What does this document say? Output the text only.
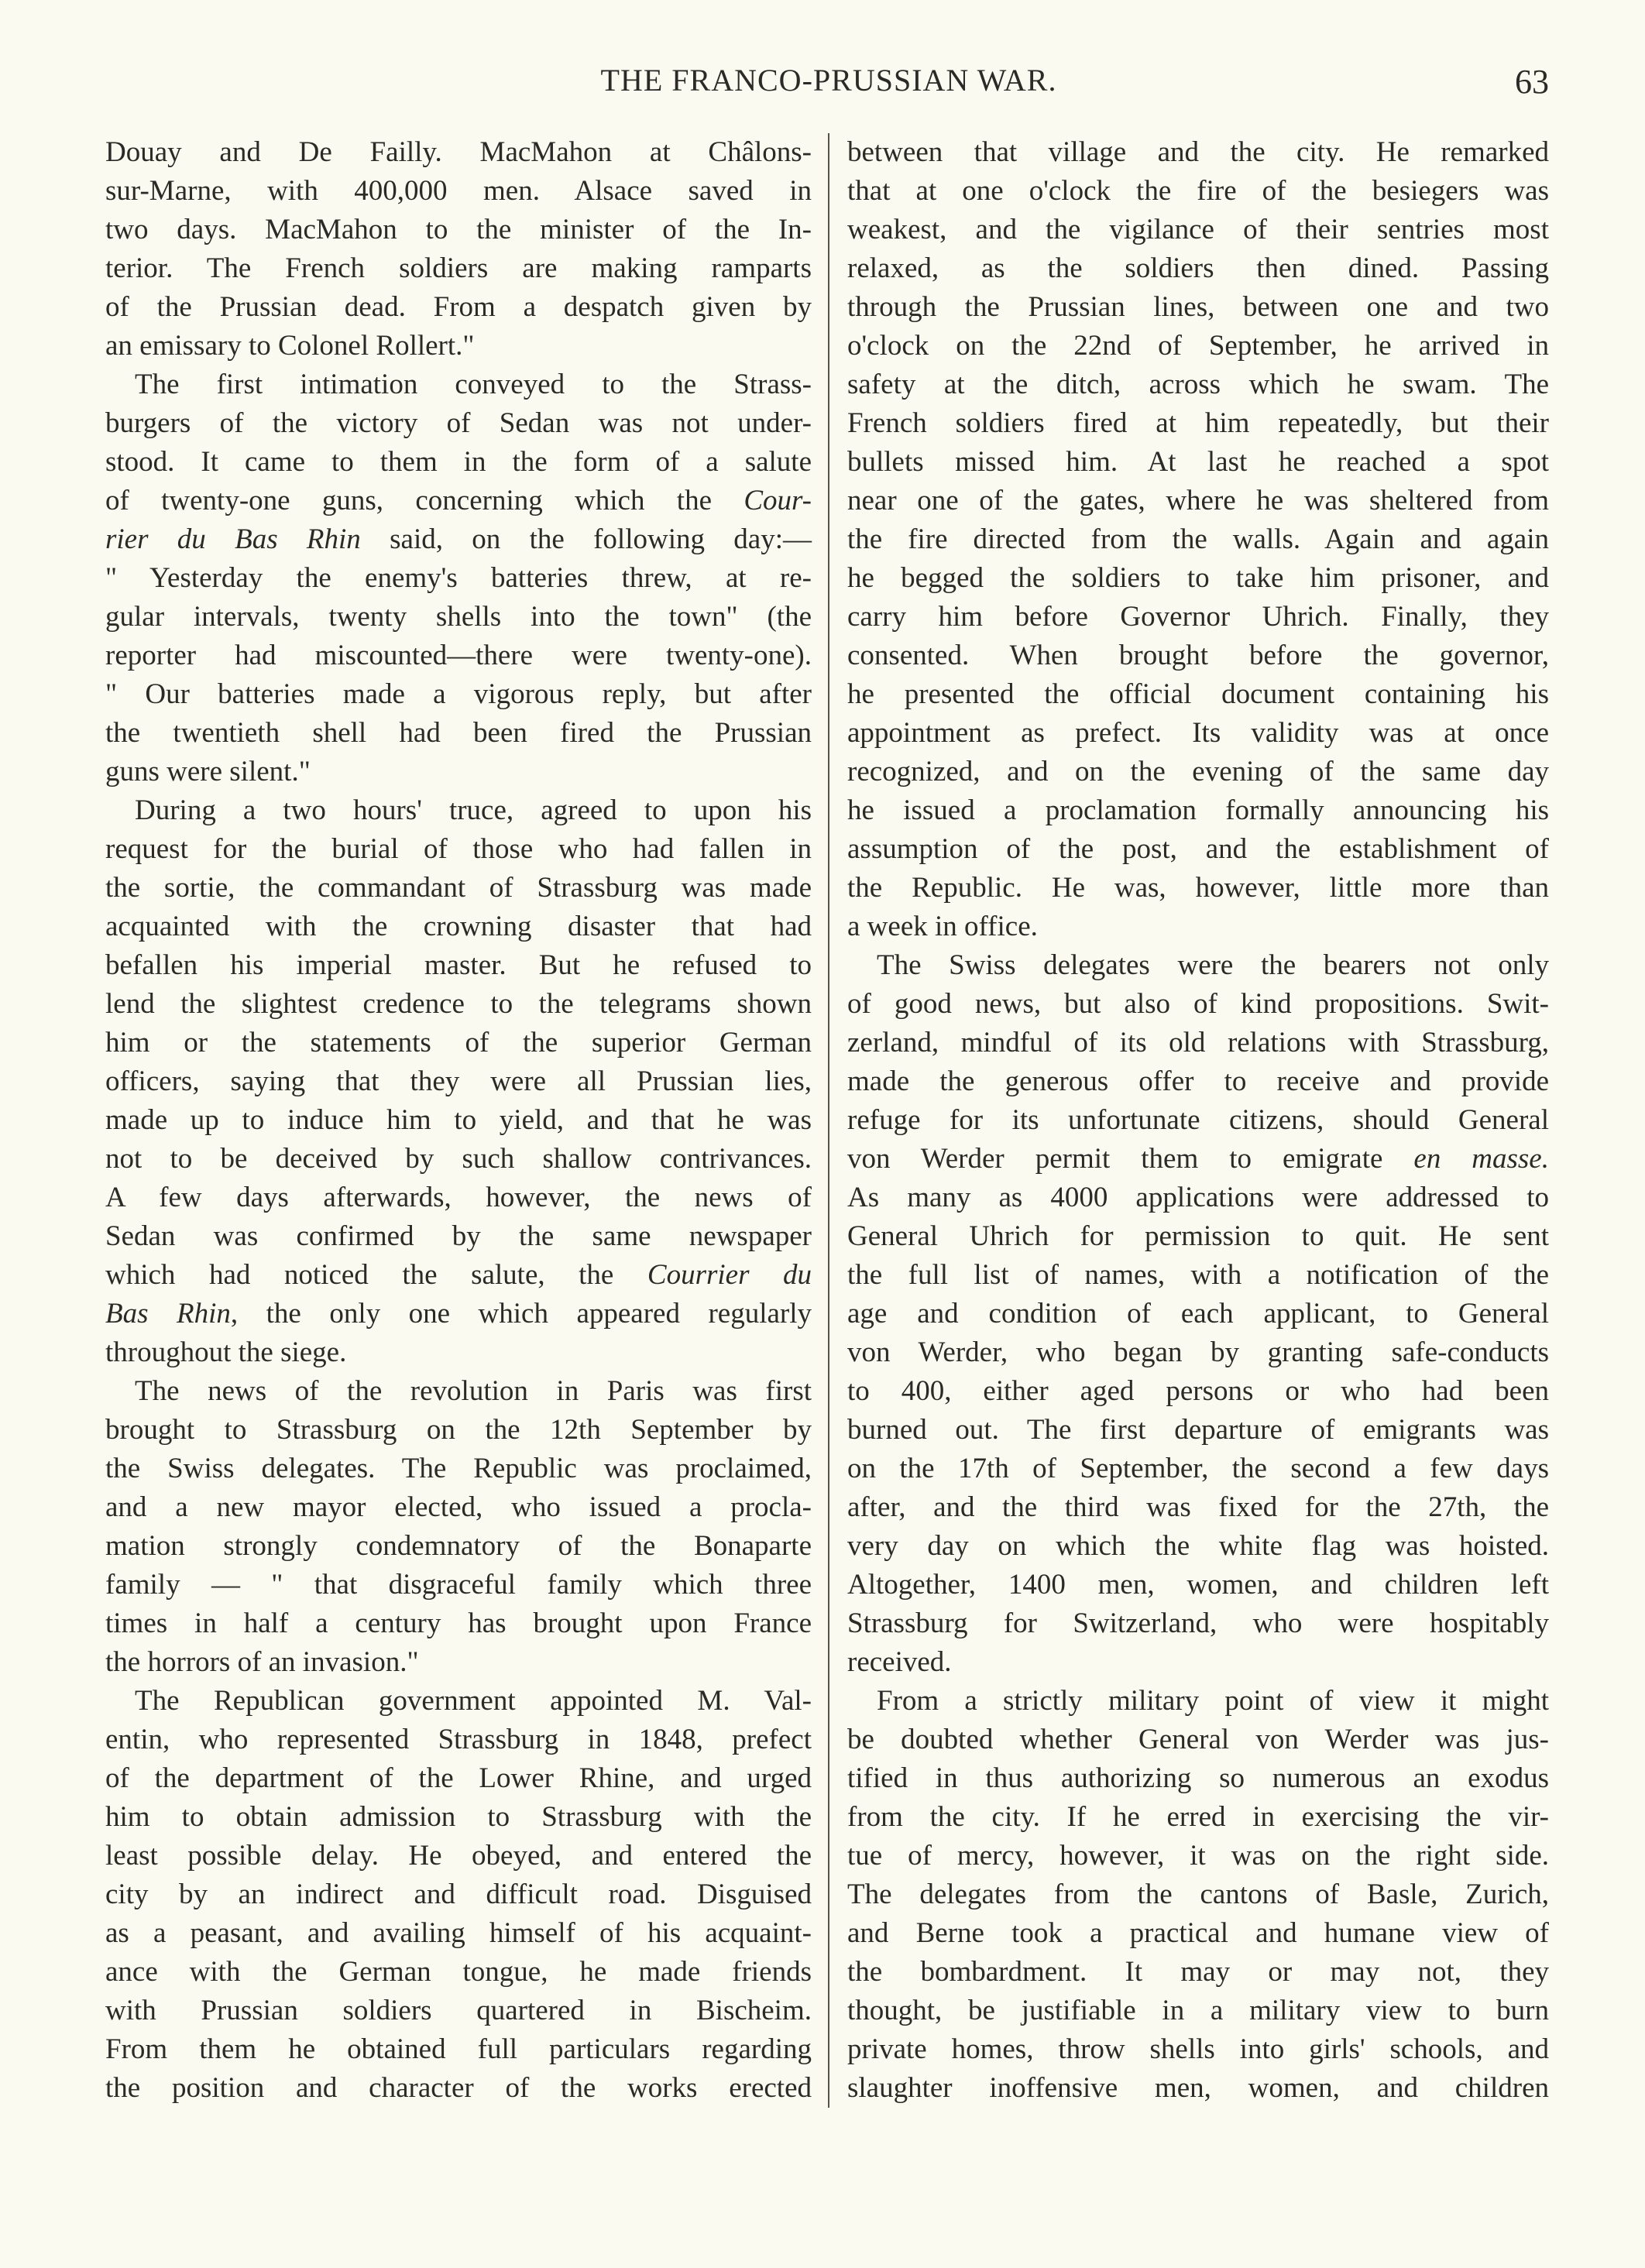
THE FRANCO-PRUSSIAN WAR.	63
Douay and De Failly. MacMahon at Châlons-
sur-Marne, with 400,000 men. Alsace saved in
two days. MacMahon to the minister of the In-
terior. The French soldiers are making ramparts
of the Prussian dead. From a despatch given by
an emissary to Colonel Rollert."
The first intimation conveyed to the Strass-
burgers of the victory of Sedan was not under-
stood. It came to them in the form of a salute
of twenty-one guns, concerning which the Cour-
rier du Bas Rhin said, on the following day:—
" Yesterday the enemy's batteries threw, at re-
gular intervals, twenty shells into the town" (the
reporter had miscounted—there were twenty-one).
" Our batteries made a vigorous reply, but after
the twentieth shell had been fired the Prussian
guns were silent."
During a two hours' truce, agreed to upon his
request for the burial of those who had fallen in
the sortie, the commandant of Strassburg was made
acquainted with the crowning disaster that had
befallen his imperial master. But he refused to
lend the slightest credence to the telegrams shown
him or the statements of the superior German
officers, saying that they were all Prussian lies,
made up to induce him to yield, and that he was
not to be deceived by such shallow contrivances.
A few days afterwards, however, the news of
Sedan was confirmed by the same newspaper
which had noticed the salute, the Courrier du
Bas Rhin, the only one which appeared regularly
throughout the siege.
The news of the revolution in Paris was first
brought to Strassburg on the 12th September by
the Swiss delegates. The Republic was proclaimed,
and a new mayor elected, who issued a procla-
mation strongly condemnatory of the Bonaparte
family — " that disgraceful family which three
times in half a century has brought upon France
the horrors of an invasion."
The Republican government appointed M. Val-
entin, who represented Strassburg in 1848, prefect
of the department of the Lower Rhine, and urged
him to obtain admission to Strassburg with the
least possible delay. He obeyed, and entered the
city by an indirect and difficult road. Disguised
as a peasant, and availing himself of his acquaint-
ance with the German tongue, he made friends
with Prussian soldiers quartered in Bischeim.
From them he obtained full particulars regarding
the position and character of the works erected
between that village and the city. He remarked
that at one o'clock the fire of the besiegers was
weakest, and the vigilance of their sentries most
relaxed, as the soldiers then dined. Passing
through the Prussian lines, between one and two
o'clock on the 22nd of September, he arrived in
safety at the ditch, across which he swam. The
French soldiers fired at him repeatedly, but their
bullets missed him. At last he reached a spot
near one of the gates, where he was sheltered from
the fire directed from the walls. Again and again
he begged the soldiers to take him prisoner, and
carry him before Governor Uhrich. Finally, they
consented. When brought before the governor,
he presented the official document containing his
appointment as prefect. Its validity was at once
recognized, and on the evening of the same day
he issued a proclamation formally announcing his
assumption of the post, and the establishment of
the Republic. He was, however, little more than
a week in office.
The Swiss delegates were the bearers not only
of good news, but also of kind propositions. Swit-
zerland, mindful of its old relations with Strassburg,
made the generous offer to receive and provide
refuge for its unfortunate citizens, should General
von Werder permit them to emigrate en masse.
As many as 4000 applications were addressed to
General Uhrich for permission to quit. He sent
the full list of names, with a notification of the
age and condition of each applicant, to General
von Werder, who began by granting safe-conducts
to 400, either aged persons or who had been
burned out. The first departure of emigrants was
on the 17th of September, the second a few days
after, and the third was fixed for the 27th, the
very day on which the white flag was hoisted.
Altogether, 1400 men, women, and children left
Strassburg for Switzerland, who were hospitably
received.
From a strictly military point of view it might
be doubted whether General von Werder was jus-
tified in thus authorizing so numerous an exodus
from the city. If he erred in exercising the vir-
tue of mercy, however, it was on the right side.
The delegates from the cantons of Basle, Zurich,
and Berne took a practical and humane view of
the bombardment. It may or may not, they
thought, be justifiable in a military view to burn
private homes, throw shells into girls' schools, and
slaughter inoffensive men, women, and children
